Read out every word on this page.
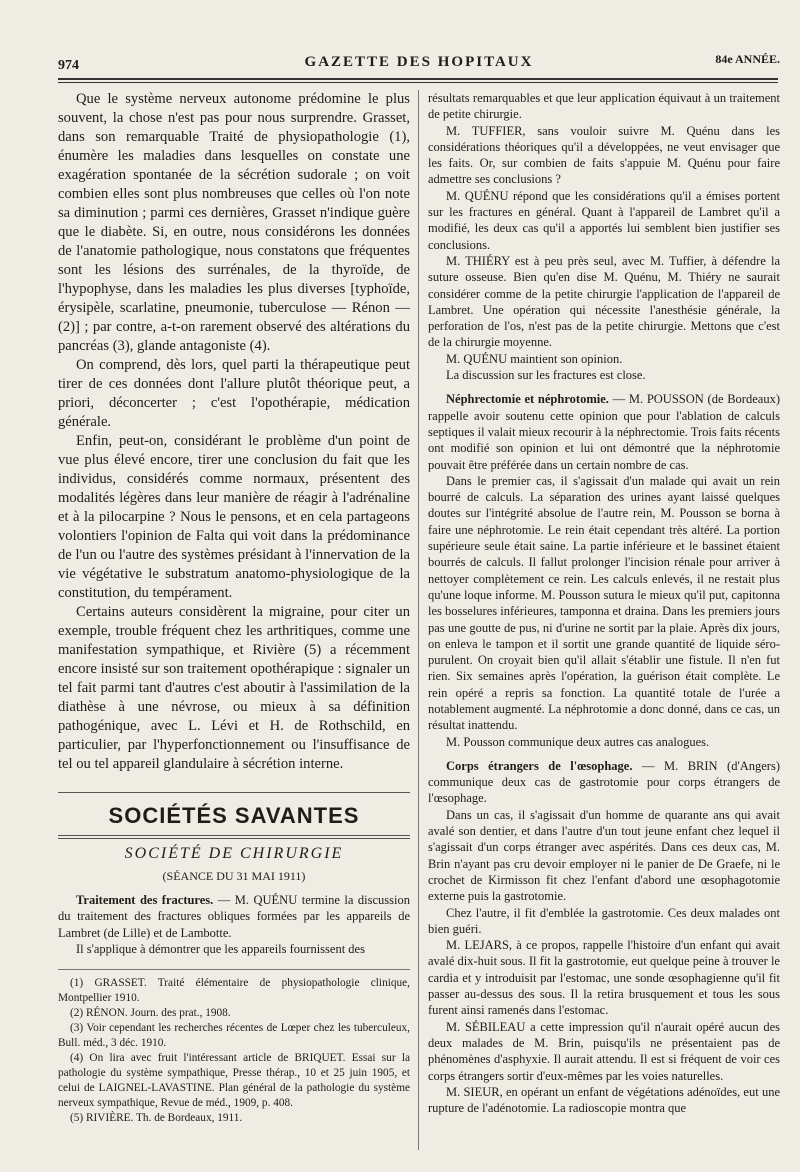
974	GAZETTE DES HOPITAUX	84e ANNÉE.

Que le système nerveux autonome prédomine le plus souvent, la chose n'est pas pour nous surprendre. Grasset, dans son remarquable Traité de physiopathologie (1), énumère les maladies dans lesquelles on constate une exagération spontanée de la sécrétion sudorale ; on voit combien elles sont plus nombreuses que celles où l'on note sa diminution ; parmi ces dernières, Grasset n'indique guère que le diabète. Si, en outre, nous considérons les données de l'anatomie pathologique, nous constatons que fréquentes sont les lésions des surrénales, de la thyroïde, de l'hypophyse, dans les maladies les plus diverses [typhoïde, érysipèle, scarlatine, pneumonie, tuberculose — Rénon — (2)] ; par contre, a-t-on rarement observé des altérations du pancréas (3), glande antagoniste (4).

On comprend, dès lors, quel parti la thérapeutique peut tirer de ces données dont l'allure plutôt théorique peut, a priori, déconcerter ; c'est l'opothérapie, médication générale.

Enfin, peut-on, considérant le problème d'un point de vue plus élevé encore, tirer une conclusion du fait que les individus, considérés comme normaux, présentent des modalités légères dans leur manière de réagir à l'adrénaline et à la pilocarpine ? Nous le pensons, et en cela partageons volontiers l'opinion de Falta qui voit dans la prédominance de l'un ou l'autre des systèmes présidant à l'innervation de la vie végétative le substratum anatomo-physiologique de la constitution, du tempérament.

Certains auteurs considèrent la migraine, pour citer un exemple, trouble fréquent chez les arthritiques, comme une manifestation sympathique, et Rivière (5) a récemment encore insisté sur son traitement opothérapique : signaler un tel fait parmi tant d'autres c'est aboutir à l'assimilation de la diathèse à une névrose, ou mieux à sa définition pathogénique, avec L. Lévi et H. de Rothschild, en particulier, par l'hyperfonctionnement ou l'insuffisance de tel ou tel appareil glandulaire à sécrétion interne.

SOCIÉTÉS SAVANTES
SOCIÉTÉ DE CHIRURGIE
(SÉANCE DU 31 MAI 1911)

Traitement des fractures. — M. QUÉNU termine la discussion du traitement des fractures obliques formées par les appareils de Lambret (de Lille) et de Lambotte.

Il s'applique à démontrer que les appareils fournissent des

(1) GRASSET. Traité élémentaire de physiopathologie clinique, Montpellier 1910.

(2) RÉNON. Journ. des prat., 1908.

(3) Voir cependant les recherches récentes de Lœper chez les tuberculeux, Bull. méd., 3 déc. 1910.

(4) On lira avec fruit l'intéressant article de BRIQUET. Essai sur la pathologie du système sympathique, Presse thérap., 10 et 25 juin 1905, et celui de LAIGNEL-LAVASTINE. Plan général de la pathologie du système nerveux sympathique, Revue de méd., 1909, p. 408.

(5) RIVIÈRE. Th. de Bordeaux, 1911.

résultats remarquables et que leur application équivaut à un traitement de petite chirurgie.

M. TUFFIER, sans vouloir suivre M. Quénu dans les considérations théoriques qu'il a développées, ne veut envisager que les faits. Or, sur combien de faits s'appuie M. Quénu pour faire admettre ses conclusions ?

M. QUÉNU répond que les considérations qu'il a émises portent sur les fractures en général. Quant à l'appareil de Lambret qu'il a modifié, les deux cas qu'il a apportés lui semblent bien justifier ses conclusions.

M. THIÉRY est à peu près seul, avec M. Tuffier, à défendre la suture osseuse. Bien qu'en dise M. Quénu, M. Thiéry ne saurait considérer comme de la petite chirurgie l'application de l'appareil de Lambret. Une opération qui nécessite l'anesthésie générale, la perforation de l'os, n'est pas de la petite chirurgie. Mettons que c'est de la chirurgie moyenne.

M. QUÉNU maintient son opinion.

La discussion sur les fractures est close.

Néphrectomie et néphrotomie. — M. POUSSON (de Bordeaux) rappelle avoir soutenu cette opinion que pour l'ablation de calculs septiques il valait mieux recourir à la néphrectomie. Trois faits récents ont modifié son opinion et lui ont démontré que la néphrotomie pouvait être préférée dans un certain nombre de cas.

Dans le premier cas, il s'agissait d'un malade qui avait un rein bourré de calculs. La séparation des urines ayant laissé quelques doutes sur l'intégrité absolue de l'autre rein, M. Pousson se borna à faire une néphrotomie. Le rein était cependant très altéré. La portion supérieure seule était saine. La partie inférieure et le bassinet étaient bourrés de calculs. Il fallut prolonger l'incision rénale pour arriver à nettoyer complètement ce rein. Les calculs enlevés, il ne restait plus qu'une loque informe. M. Pousson sutura le mieux qu'il put, capitonna les bosselures inférieures, tamponna et draina. Dans les premiers jours pas une goutte de pus, ni d'urine ne sortit par la plaie. Après dix jours, on enleva le tampon et il sortit une grande quantité de liquide séro-purulent. On croyait bien qu'il allait s'établir une fistule. Il n'en fut rien. Six semaines après l'opération, la guérison était complète. Le rein opéré a repris sa fonction. La quantité totale de l'urée a notablement augmenté. La néphrotomie a donc donné, dans ce cas, un résultat inattendu.

M. Pousson communique deux autres cas analogues.

Corps étrangers de l'œsophage. — M. BRIN (d'Angers) communique deux cas de gastrotomie pour corps étrangers de l'œsophage.

Dans un cas, il s'agissait d'un homme de quarante ans qui avait avalé son dentier, et dans l'autre d'un tout jeune enfant chez lequel il s'agissait d'un corps étranger avec aspérités. Dans ces deux cas, M. Brin n'ayant pas cru devoir employer ni le panier de De Graefe, ni le crochet de Kirmisson fit chez l'enfant d'abord une œsophagotomie externe puis la gastrotomie.

Chez l'autre, il fit d'emblée la gastrotomie. Ces deux malades ont bien guéri.

M. LEJARS, à ce propos, rappelle l'histoire d'un enfant qui avait avalé dix-huit sous. Il fit la gastrotomie, eut quelque peine à trouver le cardia et y introduisit par l'estomac, une sonde œsophagienne qu'il fit passer au-dessus des sous. Il la retira brusquement et tous les sous furent ainsi ramenés dans l'estomac.

M. SÉBILEAU a cette impression qu'il n'aurait opéré aucun des deux malades de M. Brin, puisqu'ils ne présentaient pas de phénomènes d'asphyxie. Il aurait attendu. Il est si fréquent de voir ces corps étrangers sortir d'eux-mêmes par les voies naturelles.

M. SIEUR, en opérant un enfant de végétations adénoïdes, eut une rupture de l'adénotomie. La radioscopie montra que
